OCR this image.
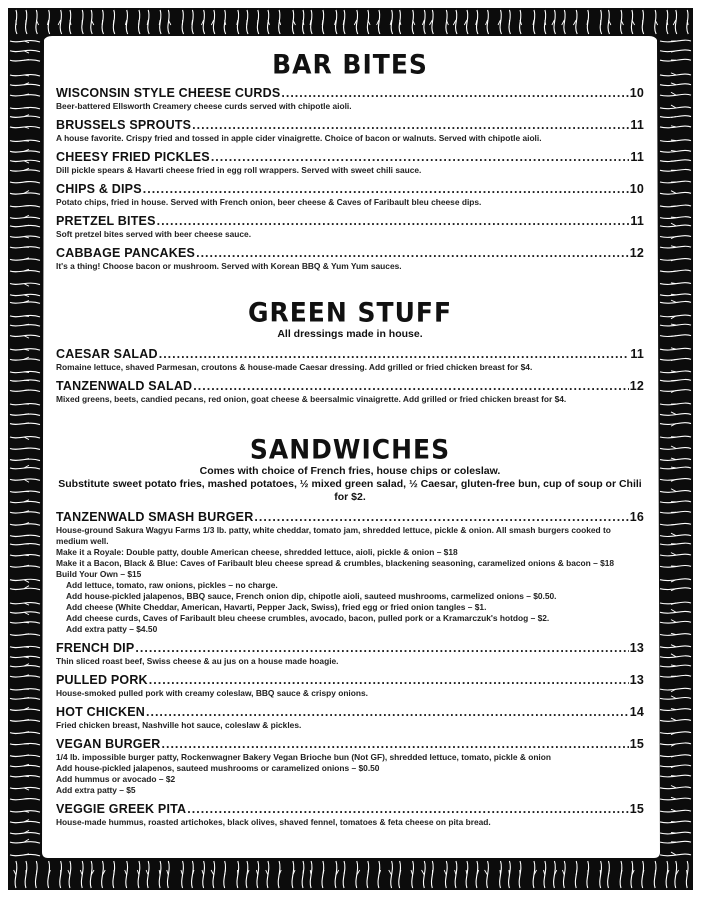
BAR BITES
WISCONSIN STYLE CHEESE CURDS .....	10
Beer-battered Ellsworth Creamery cheese curds served with chipotle aioli.
BRUSSELS SPROUTS .....	11
A house favorite. Crispy fried and tossed in apple cider vinaigrette. Choice of bacon or walnuts. Served with chipotle aioli.
CHEESY FRIED PICKLES .....	11
Dill pickle spears & Havarti cheese fried in egg roll wrappers. Served with sweet chili sauce.
CHIPS & DIPS .....	10
Potato chips, fried in house. Served with French onion, beer cheese & Caves of Faribault bleu cheese dips.
PRETZEL BITES .....	11
Soft pretzel bites served with beer cheese sauce.
CABBAGE PANCAKES .....	12
It's a thing! Choose bacon or mushroom. Served with Korean BBQ & Yum Yum sauces.
GREEN STUFF
All dressings made in house.
CAESAR SALAD .....	11
Romaine lettuce, shaved Parmesan, croutons & house-made Caesar dressing. Add grilled or fried chicken breast for $4.
TANZENWALD SALAD .....	12
Mixed greens, beets, candied pecans, red onion, goat cheese & beersalmic vinaigrette. Add grilled or fried chicken breast for $4.
SANDWICHES
Comes with choice of French fries, house chips or coleslaw.
Substitute sweet potato fries, mashed potatoes, ½ mixed green salad, ½ Caesar, gluten-free bun, cup of soup or Chili for $2.
TANZENWALD SMASH BURGER .....	16
House-ground Sakura Wagyu Farms 1/3 lb. patty, white cheddar, tomato jam, shredded lettuce, pickle & onion. All smash burgers cooked to medium well.
Make it a Royale: Double patty, double American cheese, shredded lettuce, aioli, pickle & onion – $18
Make it a Bacon, Black & Blue: Caves of Faribault bleu cheese spread & crumbles, blackening seasoning, caramelized onions & bacon – $18
Build Your Own – $15
Add lettuce, tomato, raw onions, pickles – no charge.
Add house-pickled jalapenos, BBQ sauce, French onion dip, chipotle aioli, sauteed mushrooms, carmelized onions – $0.50.
Add cheese (White Cheddar, American, Havarti, Pepper Jack, Swiss), fried egg or fried onion tangles – $1.
Add cheese curds, Caves of Faribault bleu cheese crumbles, avocado, bacon, pulled pork or a Kramarczuk's hotdog – $2.
Add extra patty – $4.50
FRENCH DIP .....	13
Thin sliced roast beef, Swiss cheese & au jus on a house made hoagie.
PULLED PORK .....	13
House-smoked pulled pork with creamy coleslaw, BBQ sauce & crispy onions.
HOT CHICKEN .....	14
Fried chicken breast, Nashville hot sauce, coleslaw & pickles.
VEGAN BURGER .....	15
1/4 lb. impossible burger patty, Rockenwagner Bakery Vegan Brioche bun (Not GF), shredded lettuce, tomato, pickle & onion
Add house-pickled jalapenos, sauteed mushrooms or caramelized onions – $0.50
Add hummus or avocado – $2
Add extra patty – $5
VEGGIE GREEK PITA .....	15
House-made hummus, roasted artichokes, black olives, shaved fennel, tomatoes & feta cheese on pita bread.
